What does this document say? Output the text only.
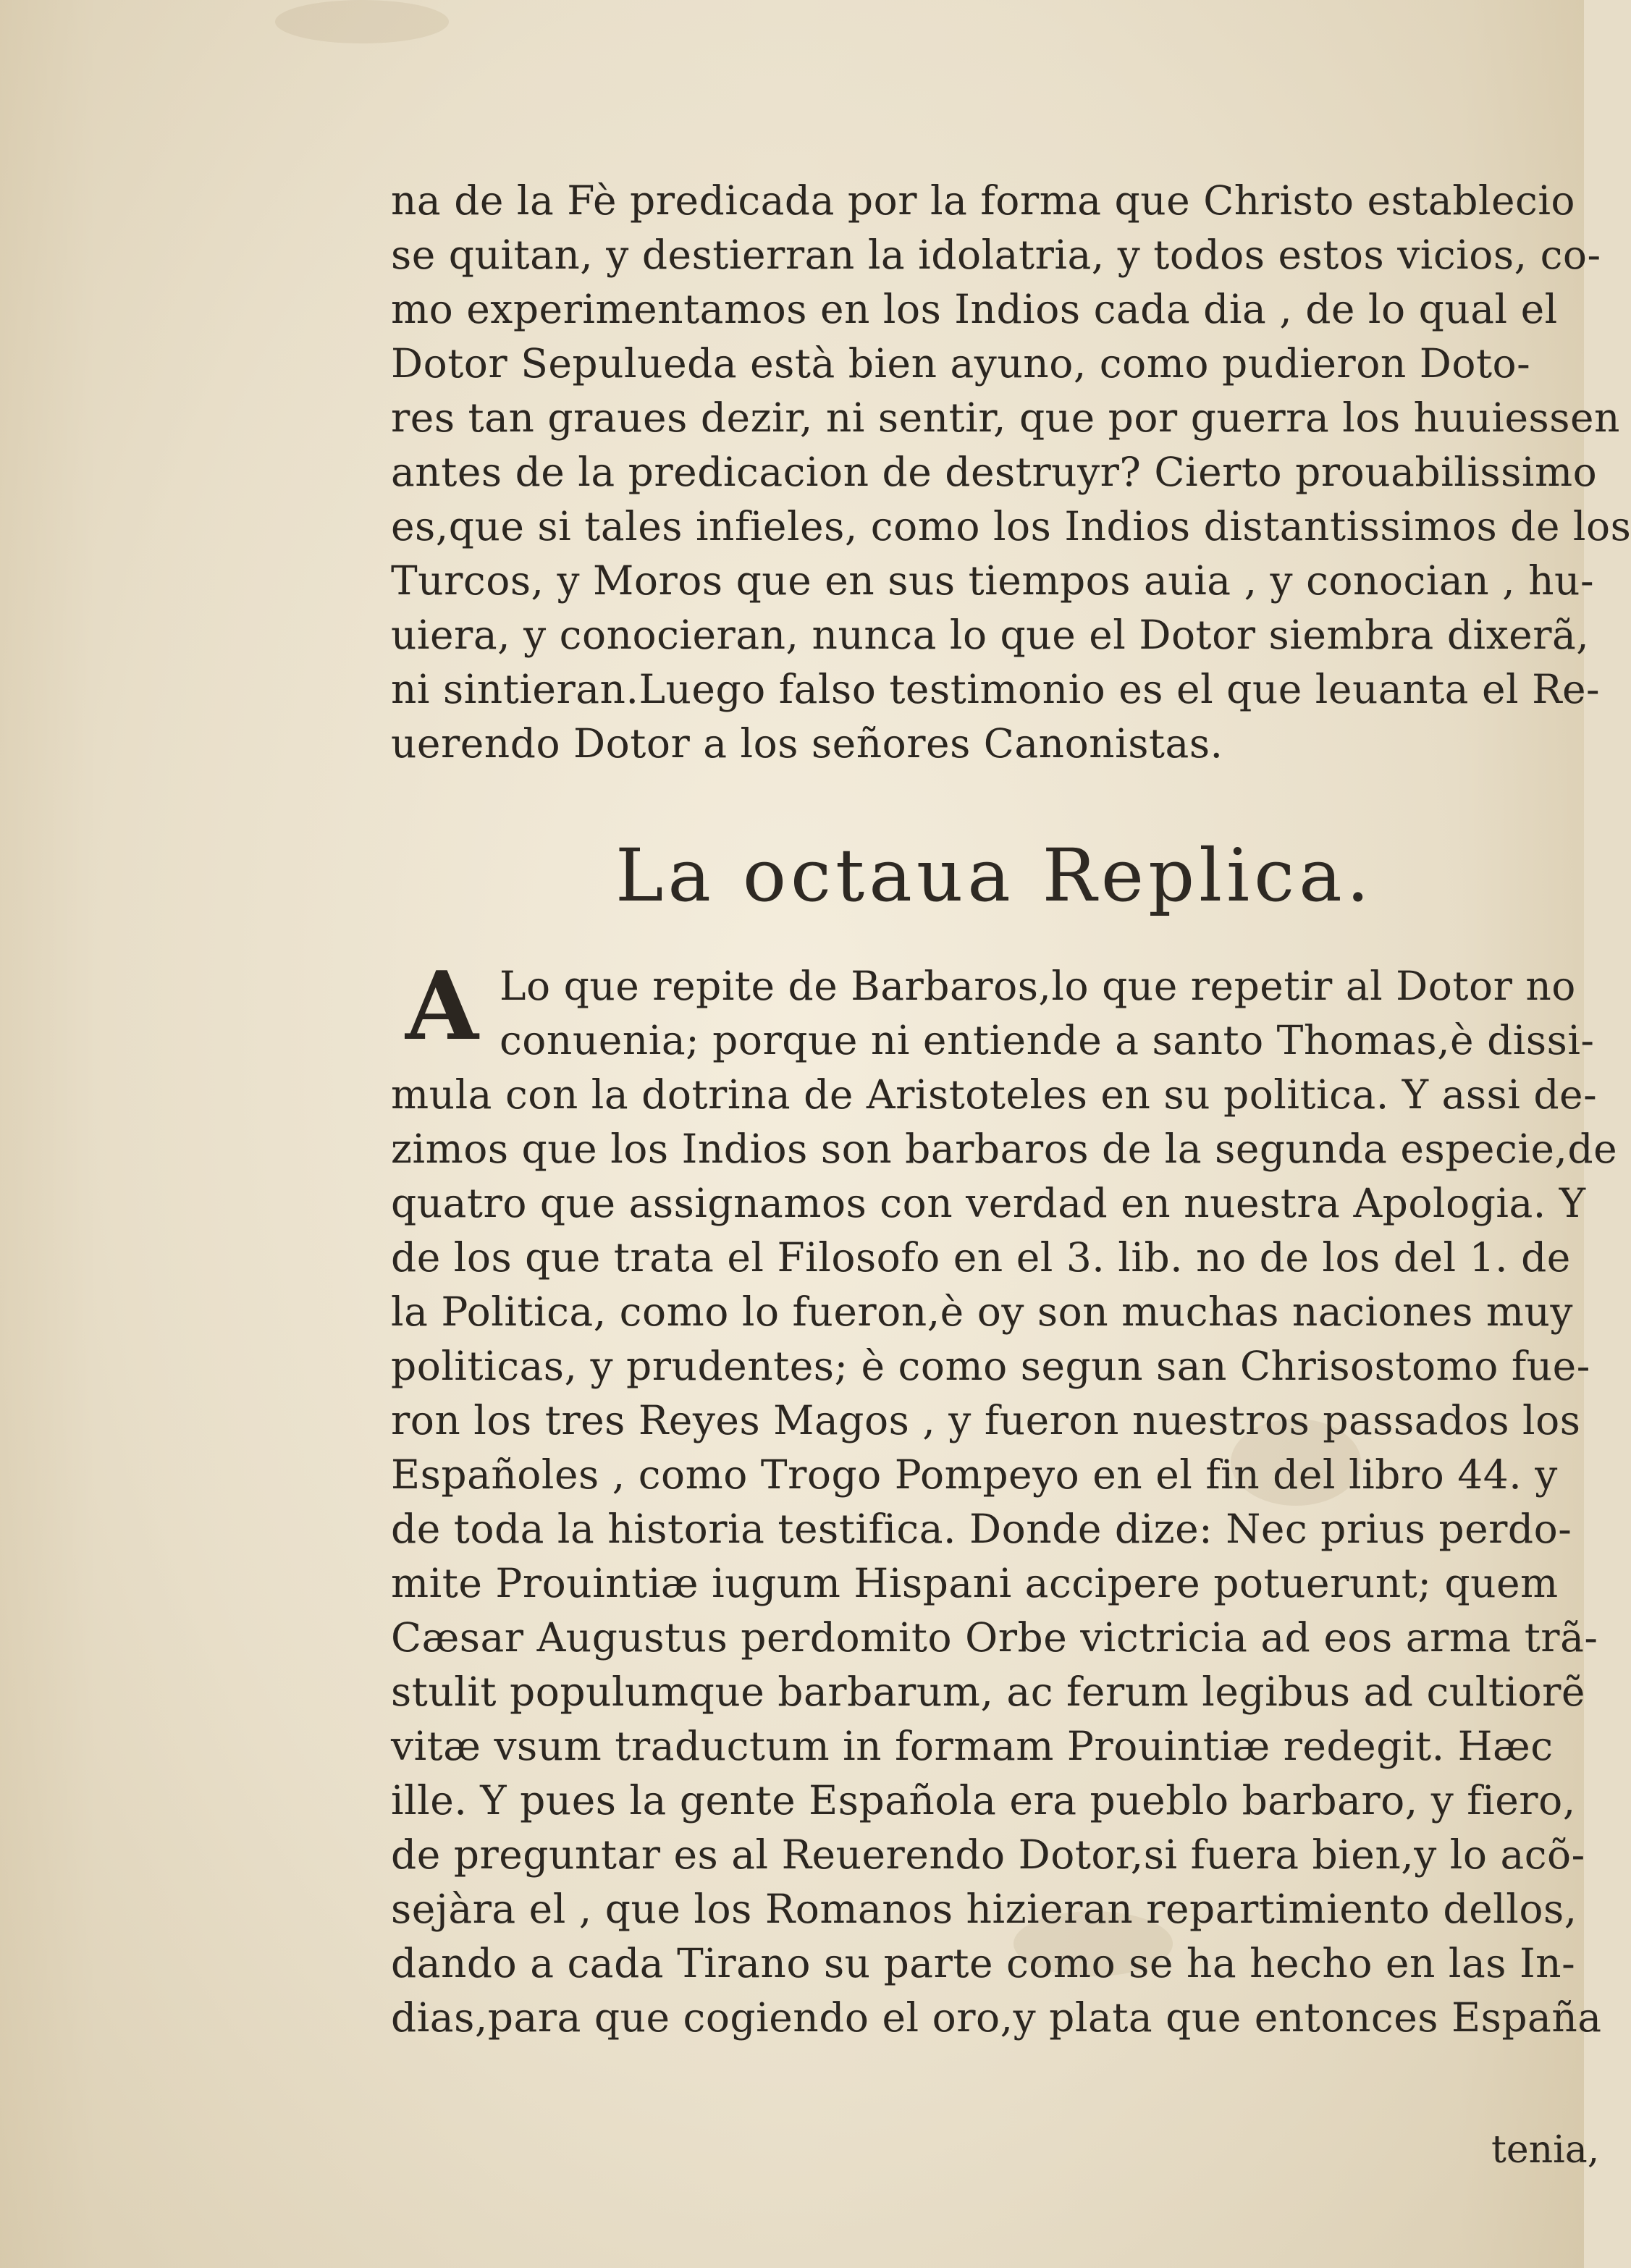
na de la Fè predicada por la forma que Christo establecio
se quitan, y destierran la idolatria, y todos estos vicios, co-
mo experimentamos en los Indios cada dia , de lo qual el
Dotor Sepulueda està bien ayuno, como pudieron Doto-
res tan graues dezir, ni sentir, que por guerra los huuiessen
antes de la predicacion de destruyr? Cierto prouabilissimo
es,que si tales infieles, como los Indios distantissimos de los
Turcos, y Moros que en sus tiempos auia , y conocian , hu-
uiera, y conocieran, nunca lo que el Dotor siembra dixerã,
ni sintieran.Luego falso testimonio es el que leuanta el Re-
uerendo Dotor a los señores Canonistas.
La octaua Replica.
A Lo que repite de Barbaros,lo que repetir al Dotor no
conuenia; porque ni entiende a santo Thomas,è dissi-
mula con la dotrina de Aristoteles en su politica. Y assi de-
zimos que los Indios son barbaros de la segunda especie,de
quatro que assignamos con verdad en nuestra Apologia. Y
de los que trata el Filosofo en el 3. lib. no de los del 1. de
la Politica, como lo fueron,è oy son muchas naciones muy
politicas, y prudentes; è como segun san Chrisostomo fue-
ron los tres Reyes Magos , y fueron nuestros passados los
Españoles , como Trogo Pompeyo en el fin del libro 44. y
de toda la historia testifica. Donde dize: Nec prius perdo-
mite Prouintiæ iugum Hispani accipere potuerunt; quem
Cæsar Augustus perdomito Orbe victricia ad eos arma trã-
stulit populumque barbarum, ac ferum legibus ad cultiorẽ
vitæ vsum traductum in formam Prouintiæ redegit. Hæc
ille. Y pues la gente Española era pueblo barbaro, y fiero,
de preguntar es al Reuerendo Dotor,si fuera bien,y lo acõ-
sejàra el , que los Romanos hizieran repartimiento dellos,
dando a cada Tirano su parte como se ha hecho en las In-
dias,para que cogiendo el oro,y plata que entonces España
tenia,
